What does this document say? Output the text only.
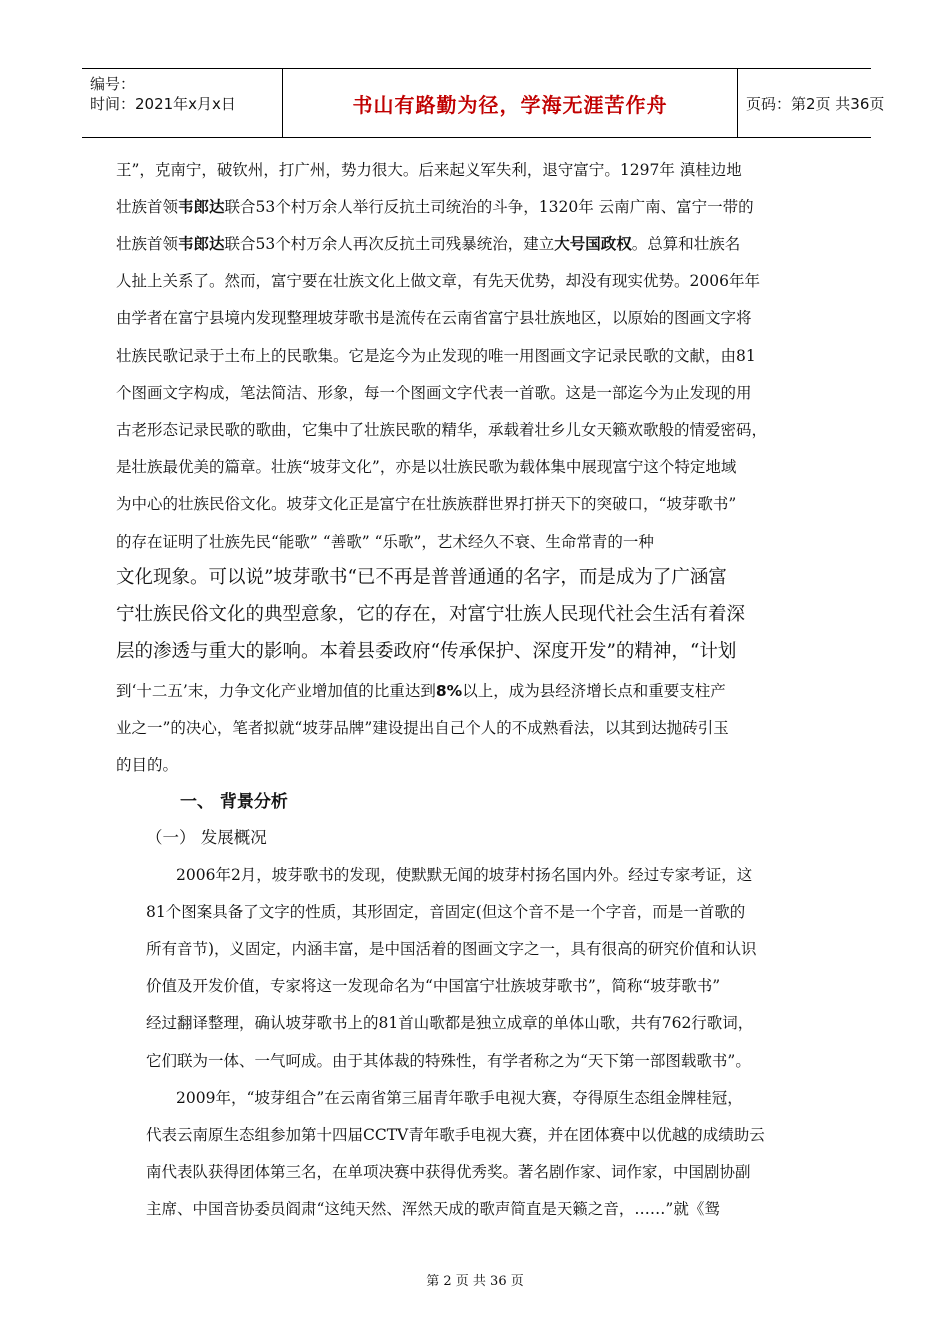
编号：
时间：2021年x月x日	书山有路勤为径，学海无涯苦作舟	页码：第2页 共36页
王”，克南宁，破钦州，打广州，势力很大。后来起义军失利，退守富宁。1297年 滇桂边地
壮族首领韦郎达联合53个村万余人举行反抗土司统治的斗争，1320年 云南广南、富宁一带的
壮族首领韦郎达联合53个村万余人再次反抗土司残暴统治，建立大号国政权。总算和壮族名
人扯上关系了。然而，富宁要在壮族文化上做文章，有先天优势，却没有现实优势。2006年年
由学者在富宁县境内发现整理坡芽歌书是流传在云南省富宁县壮族地区，以原始的图画文字将
壮族民歌记录于土布上的民歌集。它是迄今为止发现的唯一用图画文字记录民歌的文献，由81
个图画文字构成，笔法简洁、形象，每一个图画文字代表一首歌。这是一部迄今为止发现的用
古老形态记录民歌的歌曲，它集中了壮族民歌的精华，承载着壮乡儿女天籁欢歌般的情爱密码，
是壮族最优美的篇章。壮族“坡芽文化”，亦是以壮族民歌为载体集中展现富宁这个特定地域
为中心的壮族民俗文化。坡芽文化正是富宁在壮族族群世界打拼天下的突破口，“坡芽歌书”
的存在证明了壮族先民“能歌” “善歌” “乐歌”，艺术经久不衰、生命常青的一种
文化现象。可以说”坡芽歌书“已不再是普普通通的名字，而是成为了广涵富
宁壮族民俗文化的典型意象，它的存在，对富宁壮族人民现代社会生活有着深
层的渗透与重大的影响。本着县委政府“传承保护、深度开发”的精神，“计划
到‘十二五’末，力争文化产业增加值的比重达到8%以上，成为县经济增长点和重要支柱产
业之一”的决心，笔者拟就“坡芽品牌”建设提出自己个人的不成熟看法，以其到达抛砖引玉
的目的。
一、 背景分析
（一） 发展概况
2006年2月，坡芽歌书的发现，使默默无闻的坡芽村扬名国内外。经过专家考证，这
81个图案具备了文字的性质，其形固定，音固定(但这个音不是一个字音，而是一首歌的
所有音节)，义固定，内涵丰富，是中国活着的图画文字之一，具有很高的研究价值和认识
价值及开发价值，专家将这一发现命名为“中国富宁壮族坡芽歌书”，简称“坡芽歌书”
经过翻译整理，确认坡芽歌书上的81首山歌都是独立成章的单体山歌，共有762行歌词，
它们联为一体、一气呵成。由于其体裁的特殊性，有学者称之为“天下第一部图载歌书”。
2009年，“坡芽组合”在云南省第三届青年歌手电视大赛，夺得原生态组金牌桂冠，
代表云南原生态组参加第十四届CCTV青年歌手电视大赛，并在团体赛中以优越的成绩助云
南代表队获得团体第三名，在单项决赛中获得优秀奖。著名剧作家、词作家，中国剧协副
主席、中国音协委员阎肃“这纯天然、浑然天成的歌声简直是天籁之音，……”就《鸳
第 2 页 共 36 页
